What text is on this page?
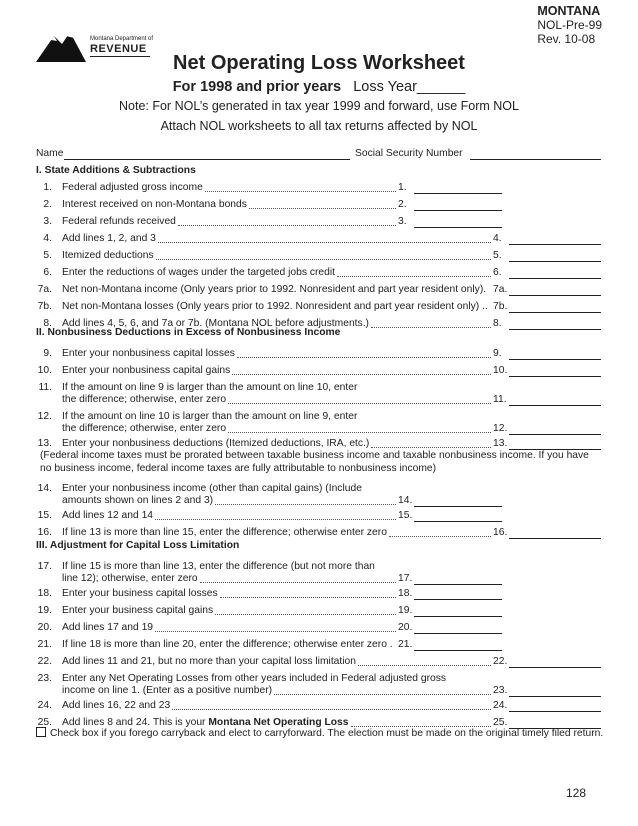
Montana Department of
REVENUE
MONTANA
NOL-Pre-99
Rev. 10-08
Net Operating Loss Worksheet
For 1998 and prior years Loss Year______
Note: For NOL’s generated in tax year 1999 and forward, use Form NOL
Attach NOL worksheets to all tax returns affected by NOL
Name	Social Security Number
I. State Additions & Subtractions
1. Federal adjusted gross income	1.
2. Interest received on non-Montana bonds	2.
3. Federal refunds received	3.
4. Add lines 1, 2, and 3	4.
5. Itemized deductions	5.
6. Enter the reductions of wages under the targeted jobs credit	6.
7a. Net non-Montana income (Only years prior to 1992. Nonresident and part year resident only). 7a.
7b. Net non-Montana losses (Only years prior to 1992. Nonresident and part year resident only) .. 7b.
8. Add lines 4, 5, 6, and 7a or 7b. (Montana NOL before adjustments.)	8.
9. Enter your nonbusiness capital losses	9.
10. Enter your nonbusiness capital gains	10.
11. If the amount on line 9 is larger than the amount on line 10, enter
the difference; otherwise, enter zero	11.
12. If the amount on line 10 is larger than the amount on line 9, enter
the difference; otherwise, enter zero	12.
13. Enter your nonbusiness deductions (Itemized deductions, IRA, etc.)	13.
14. Enter your nonbusiness income (other than capital gains) (Include
amounts shown on lines 2 and 3)	14.
15. Add lines 12 and 14	15.
16. If line 13 is more than line 15, enter the difference; otherwise enter zero	16.
17. If line 15 is more than line 13, enter the difference (but not more than
line 12); otherwise, enter zero	17.
18. Enter your business capital losses	18.
19. Enter your business capital gains	19.
20. Add lines 17 and 19	20.
21. If line 18 is more than line 20, enter the difference; otherwise enter zero . 21.
22. Add lines 11 and 21, but no more than your capital loss limitation	22.
23. Enter any Net Operating Losses from other years included in Federal adjusted gross
income on line 1. (Enter as a positive number)	23.
24. Add lines 16, 22 and 23	24.
25. Add lines 8 and 24. This is your Montana Net Operating Loss	25.
II. Nonbusiness Deductions in Excess of Nonbusiness Income
(Federal income taxes must be prorated between taxable business income and taxable nonbusiness income. If you have
no business income, federal income taxes are fully attributable to nonbusiness income)
III. Adjustment for Capital Loss Limitation
Check box if you forego carryback and elect to carryforward. The election must be made on the original timely filed return.
128
